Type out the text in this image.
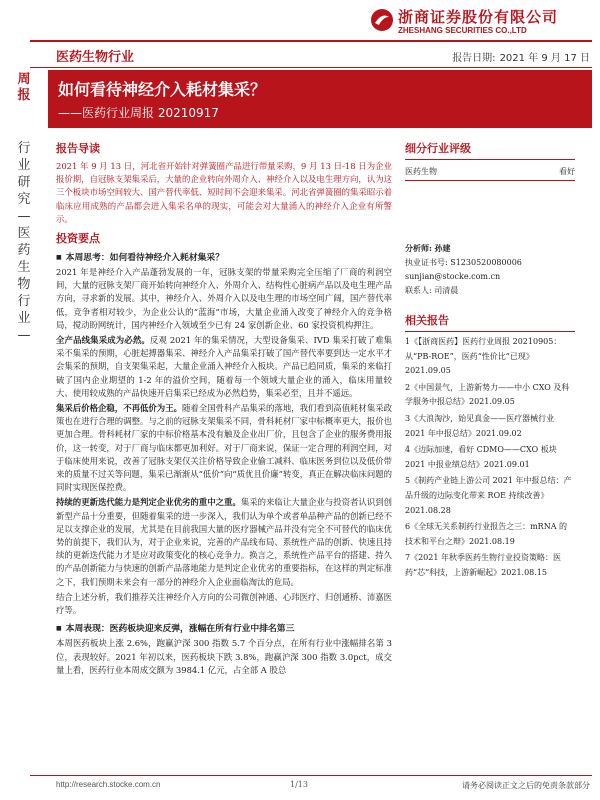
浙商证券股份有限公司
ZHESHANG SECURITIES CO.,LTD
医药生物行业	报告日期: 2021 年 9 月 17 日
周报
行业研究—医药生物行业—
如何看待神经介入耗材集采？
——医药行业周报 20210917
报告导读

2021 年 9 月 13 日，河北省开始针对弹簧圈产品进行带量采购，9 月 13 日-18 日为企业报价期，自冠脉支架集采后，大量的企业转向外周介入、神经介入以及电生理方向，认为这三个板块市场空间较大、国产替代率低、短时间不会迎来集采。河北省弹簧圈的集采昭示着临床应用成熟的产品都会进入集采名单的现实，可能会对大量涌入的神经介入企业有所警示。

投资要点
■ 本周思考：如何看待神经介入耗材集采？

2021 年是神经介入产品蓬勃发展的一年，冠脉支架的带量采购完全压缩了厂商的利润空间，大量的冠脉支架厂商开始转向神经介入、外周介入、结构性心脏病产品以及电生理产品方向，寻求新的发展。其中，神经介入、外周介入以及电生理的市场空间广阔，国产替代率低，竞争者相对较少，为企业公认的“蓝海”市场，大量企业涌入改变了神经介入的竞争格局，搅动盼网统计，国内神经介入领域至少已有 24 家创新企业、60 家投资机构押注。

全产品线集采成为必然。反观 2021 年的集采情况，大型设备集采、IVD 集采打破了难集采不集采的预期，心脏起搏器集采、神经介入产品集采打破了国产替代率要到达一定水平才会集采的预期，自支架集采起，大量企业涌入神经介入板块。产品已趋同质，集采的来临打破了国内企业期望的 1-2 年的溢价空间，随着每一个领域大量企业的涌入，临床用量较大、使用较成熟的产品快速开启集采已经成为必然趋势，集采必至，且并不遥远。

集采后价格企稳，不再低价为王。随着全国骨科产品集采的落地，我们看到高值耗材集采政策也在进行合理的调整。与之前的冠脉支架集采不同，骨科耗材厂家中标概率更大，报价也更加合理。骨科耗材厂家的中标价格基本没有触及企业出厂价，且包含了企业的服务费用报价，这一转变，对于厂商与临床都更加利好。对于厂商来说，保证一定合理的利润空间，对于临床使用来说，改善了冠脉支架仅关注价格导致企业偷工减料、临床医务到位以及低价带来的质量不过关等问题，集采已渐渐从“低价”向“质优且价廉”转变，真正在解决临床问题的同时实现医保控费。

持续的更新迭代能力是判定企业优劣的重中之重。集采的来临让大量企业与投资者认识到创新型产品十分重要，但随着集采的进一步深入，我们认为单个或者单品种产品的创新已经不足以支撑企业的发展，尤其是在目前我国大量的医疗器械产品并没有完全不可替代的临床优势的前提下，我们认为，对于企业来说，完善的产品线布局、系统性产品的创新、快速且持续的更新迭代能力才是应对政策变化的核心竞争力。换言之，系统性产品平台的搭建、持久的产品创新能力与快速的创新产品落地能力是判定企业优劣的重要指标，在这样的判定标准之下，我们预期未来会有一部分的神经介入企业面临淘汰的危局。

结合上述分析，我们推荐关注神经介入方向的公司微创神通、心玮医疗、归创通桥、沛嘉医疗等。

■ 本周表现：医药板块迎来反弹，涨幅在所有行业中排名第三

本周医药板块上涨 2.6%，跑赢沪深 300 指数 5.7 个百分点，在所有行业中涨幅排名第 3 位，表现较好。2021 年初以来，医药板块下跌 3.8%，跑赢沪深 300 指数 3.0pct，成交量上看，医药行业本周成交额为 3984.1 亿元，占全部 A 股总

细分行业评级
医药生物	看好
分析师: 孙建
执业证书号: S1230520080006
sunjian@stocke.com.cn
联系人: 司清晨
相关报告
1《【浙商医药】医药行业周报 20210905：从“PB-ROE”，医药“性价比”已现》2021.09.05
2《中国景气，上游新势力——中小 CXO 及科学服务中报总结》2021.09.05
3《大浪淘沙，始见真金——医疗器械行业 2021 年中报总结》2021.09.02
4《边际加速，看好 CDMO——CXO 板块 2021 中报业绩总结》2021.09.01
5《制药产业链上游公司 2021 年中报总结：产品升级的边际变化带来 ROE 持续改善》2021.08.28
6《全球无关系制药行业报告之三：mRNA 的技术和平台之辩》2021.08.19
7《2021 年秋季医药生物行业投资策略：医药“芯”科技，上游新崛起》2021.08.15
http://research.stocke.com.cn	1/13	请务必阅读正文之后的免责条款部分
